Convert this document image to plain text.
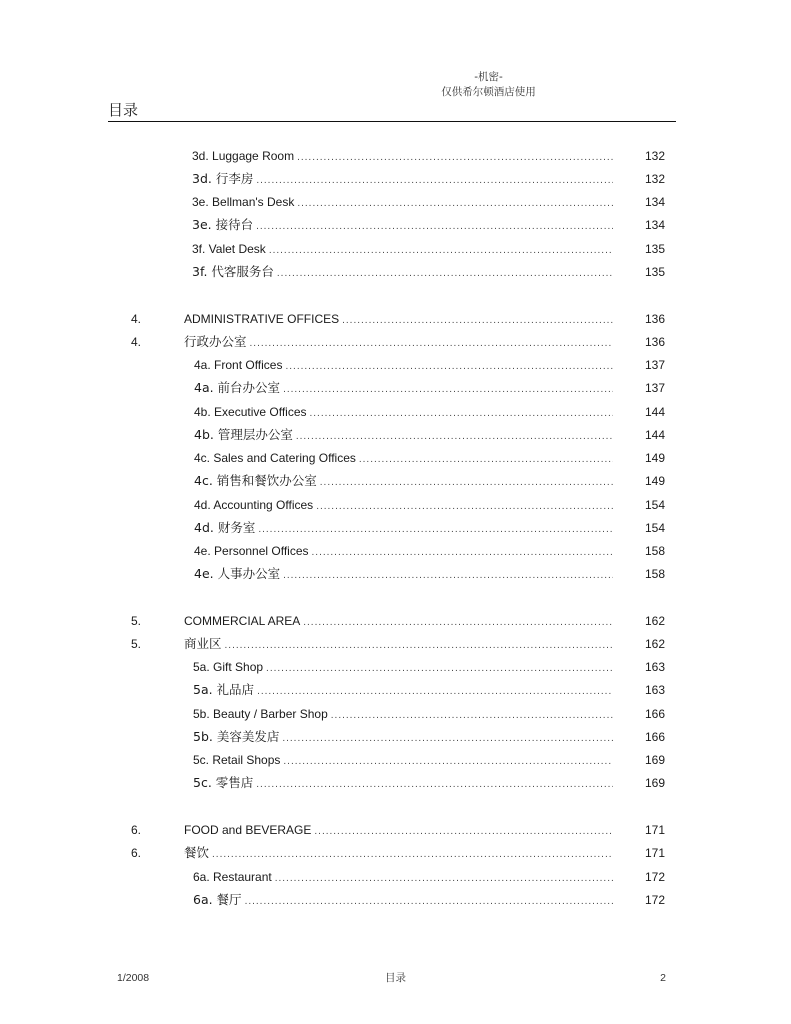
-机密-
仅供希尔顿酒店使用
目录
3d. Luggage Room .....	132
3d. 行李房 .....	132
3e. Bellman's Desk .....	134
3e. 接待台 .....	134
3f. Valet Desk .....	135
3f. 代客服务台 .....	135
4.	ADMINISTRATIVE OFFICES .....	136
4.	行政办公室 .....	136
4a. Front Offices .....	137
4a. 前台办公室 .....	137
4b. Executive Offices .....	144
4b. 管理层办公室 .....	144
4c. Sales and Catering Offices .....	149
4c. 销售和餐饮办公室 .....	149
4d. Accounting Offices .....	154
4d. 财务室 .....	154
4e. Personnel Offices .....	158
4e. 人事办公室 .....	158
5.	COMMERCIAL AREA .....	162
5.	商业区 .....	162
5a. Gift Shop .....	163
5a. 礼品店 .....	163
5b. Beauty / Barber Shop .....	166
5b. 美容美发店 .....	166
5c. Retail Shops .....	169
5c. 零售店 .....	169
6.	FOOD and BEVERAGE .....	171
6.	餐饮 .....	171
6a. Restaurant .....	172
6a. 餐厅 .....	172
1/2008	目录	2
